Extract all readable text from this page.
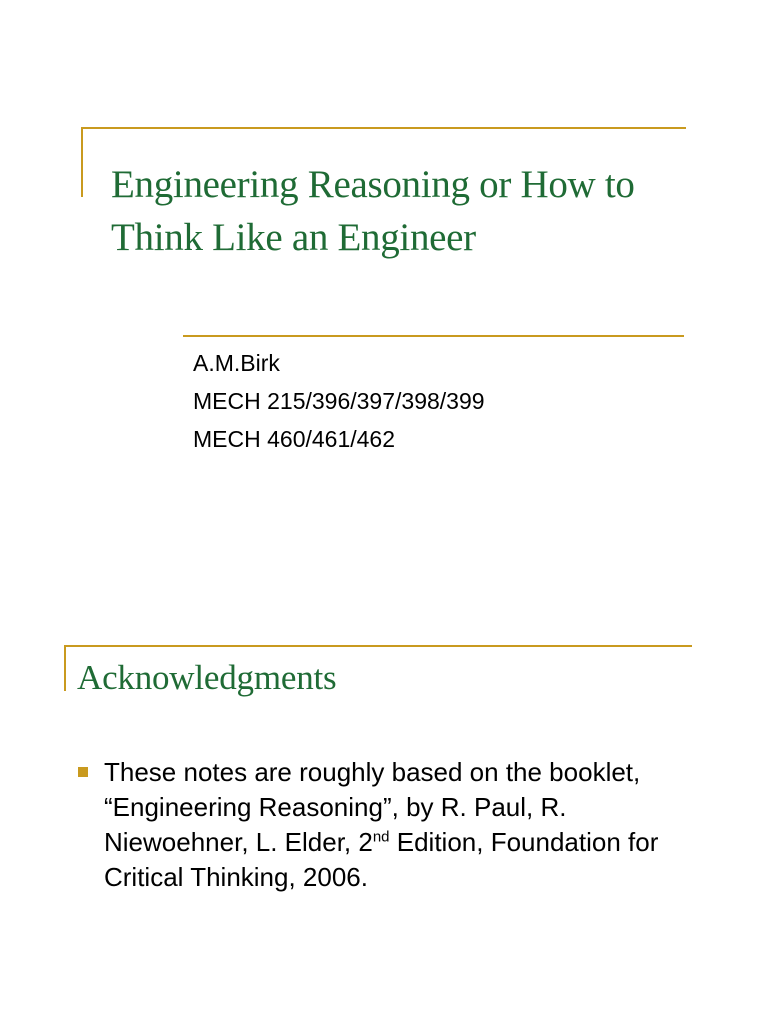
Engineering Reasoning or How to Think Like an Engineer
A.M.Birk
MECH 215/396/397/398/399
MECH 460/461/462
Acknowledgments

These notes are roughly based on the booklet, “Engineering Reasoning”, by R. Paul, R. Niewoehner, L. Elder, 2nd Edition, Foundation for Critical Thinking, 2006.
